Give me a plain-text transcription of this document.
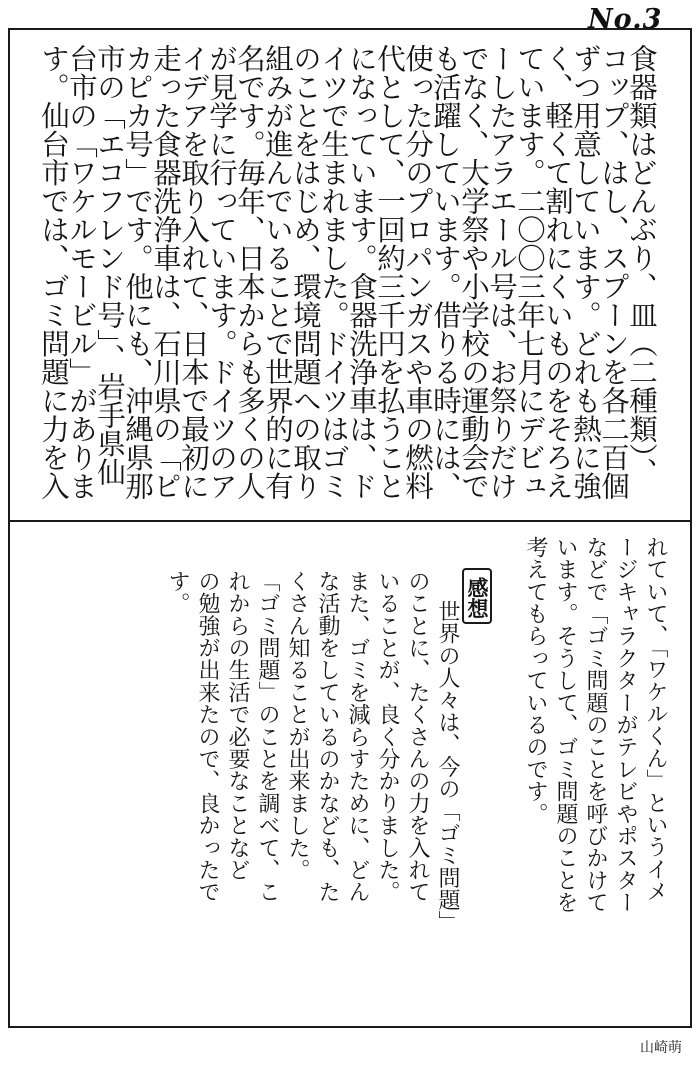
No.3
食器類はどんぶり、皿（二種類）、
コップ、はし、スプーンを各二百個
ずつ用意しています。どれも熱に強
く、軽くて割れにくいものをそろえ
ています。二〇〇三年七月にデビュ
ーしたアラエール号は、お祭りだけ
でなく、大学祭や小学校の運動会で
も活躍しています。借りる時には、
使った分のプロパンガスや車の燃料
代として、一回約三千円を払うこと
になっています。食器洗浄車は、ド
イツで生まれました。ドイツはゴミ
のことをはじめ、環境問題への取り
組みが進んでいることで世界的に有
名です。毎年、日本からも多くの人
が見学に行っています。ドイツのア
イデアを取り入れて、日本で最初に
走った食器洗浄車は、石川県の「ピ
カピカ号」です。他にも、沖縄県那
市の「エコフレンド号」、岩手県仙
台市の「ワケルモービル」がありま
す。仙台市では、ゴミ問題に力を入
れていて、「ワケルくん」というイメ
ージキャラクターがテレビやポスター
などで「ゴミ問題のことを呼びかけて
います。そうして、ゴミ問題のことを
考えてもらっているのです。
感想
世界の人々は、今の「ゴミ問題」
のことに、たくさんの力を入れて
いることが、良く分かりました。
また、ゴミを減らすために、どん
な活動をしているのかなども、た
くさん知ることが出来ました。
「ゴミ問題」のことを調べて、こ
れからの生活で必要なことなど
の勉強が出来たので、良かったで
す。
山崎萌
